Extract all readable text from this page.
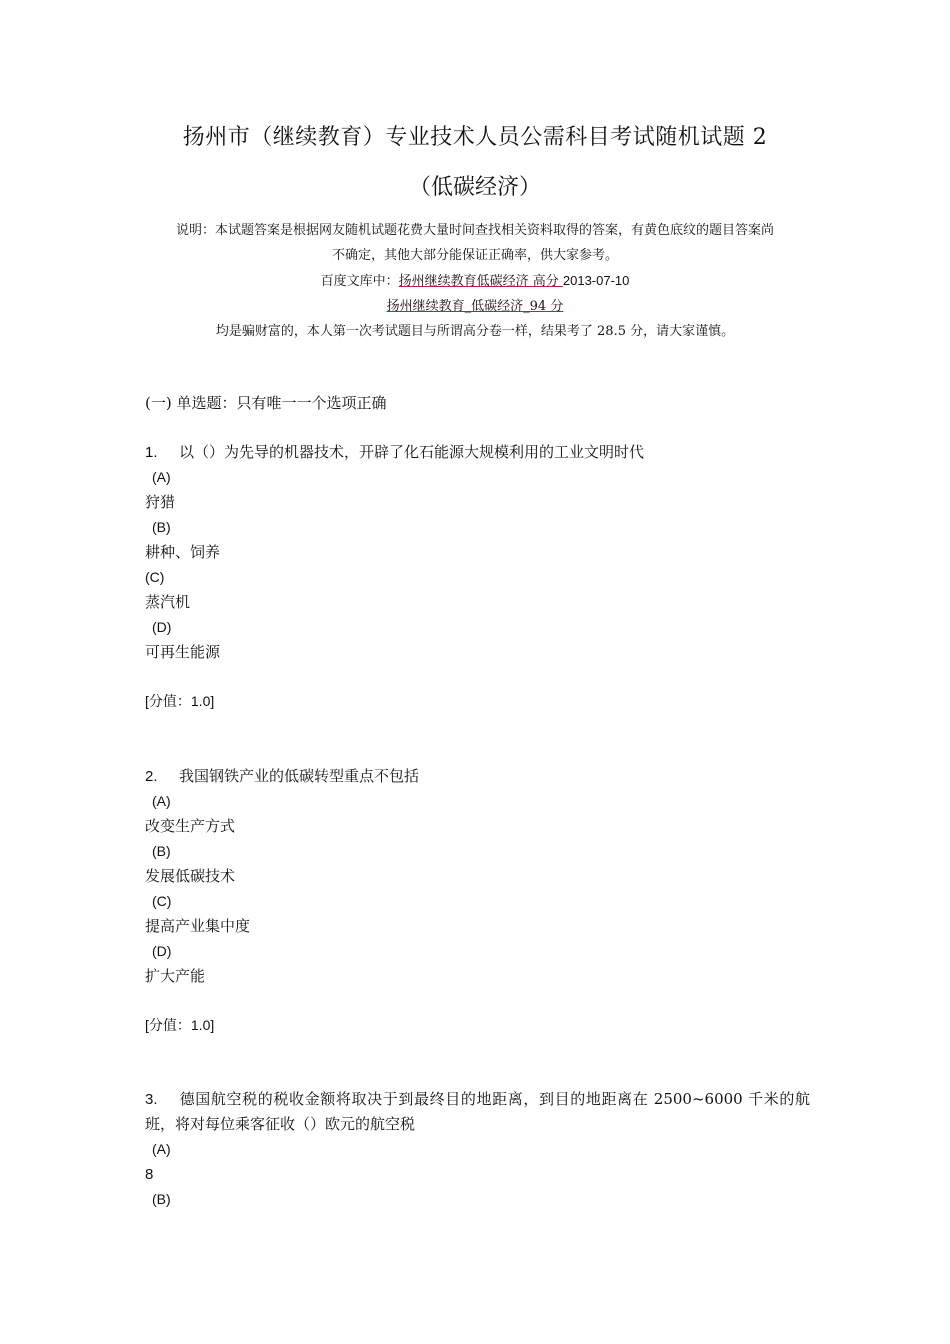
扬州市（继续教育）专业技术人员公需科目考试随机试题 2
（低碳经济）
说明：本试题答案是根据网友随机试题花费大量时间查找相关资料取得的答案，有黄色底纹的题目答案尚
不确定，其他大部分能保证正确率，供大家参考。
百度文库中：扬州继续教育低碳经济 高分 2013-07-10
扬州继续教育_低碳经济_94 分
均是骗财富的，本人第一次考试题目与所谓高分卷一样，结果考了 28.5 分，请大家谨慎。
(一) 单选题：只有唯一一个选项正确
1. 以（）为先导的机器技术，开辟了化石能源大规模利用的工业文明时代
(A)
狩猎
(B)
耕种、饲养
(C)
蒸汽机
(D)
可再生能源
[分值：1.0]
2. 我国钢铁产业的低碳转型重点不包括
(A)
改变生产方式
(B)
发展低碳技术
(C)
提高产业集中度
(D)
扩大产能
[分值：1.0]
3. 德国航空税的税收金额将取决于到最终目的地距离，到目的地距离在 2500~6000 千米的航班，将对每位乘客征收（）欧元的航空税
(A)
8
(B)
